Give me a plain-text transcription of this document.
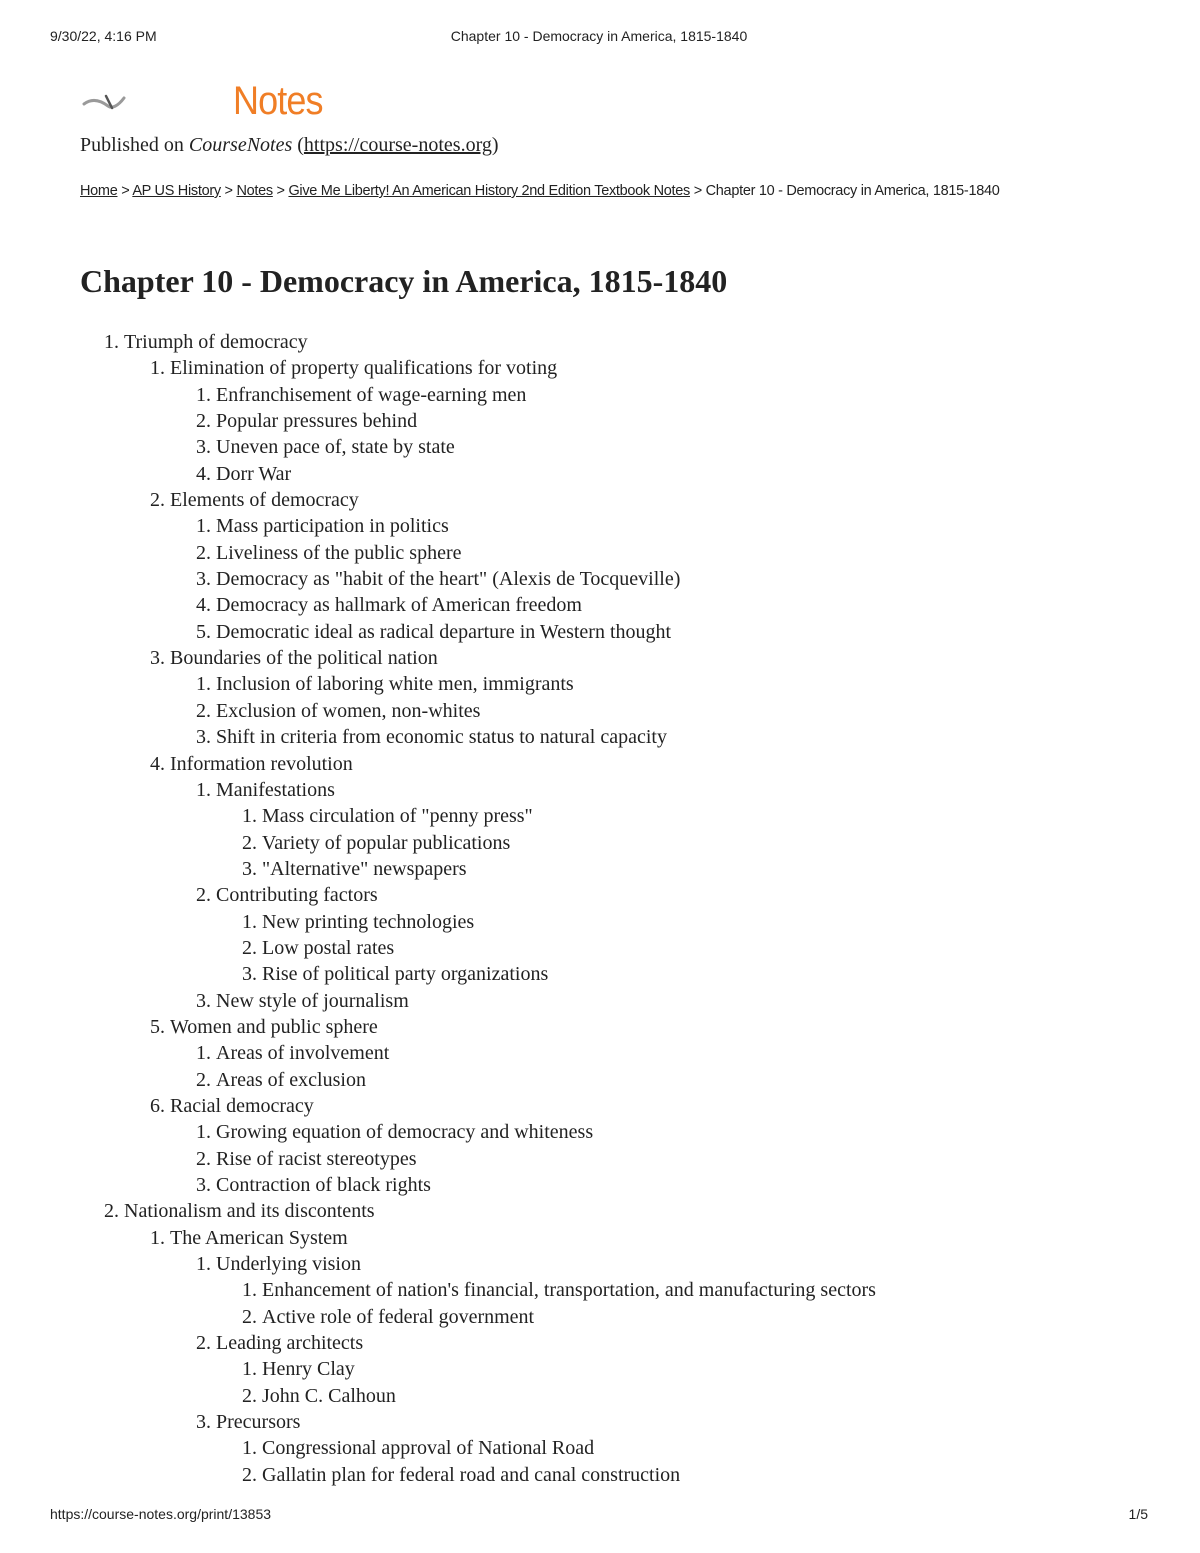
9/30/22, 4:16 PM	Chapter 10 - Democracy in America, 1815-1840
Notes
Published on CourseNotes (https://course-notes.org)
Home > AP US History > Notes > Give Me Liberty! An American History 2nd Edition Textbook Notes > Chapter 10 - Democracy in America, 1815-1840
Chapter 10 - Democracy in America, 1815-1840
1. Triumph of democracy
1. Elimination of property qualifications for voting
1. Enfranchisement of wage-earning men
2. Popular pressures behind
3. Uneven pace of, state by state
4. Dorr War
2. Elements of democracy
1. Mass participation in politics
2. Liveliness of the public sphere
3. Democracy as "habit of the heart" (Alexis de Tocqueville)
4. Democracy as hallmark of American freedom
5. Democratic ideal as radical departure in Western thought
3. Boundaries of the political nation
1. Inclusion of laboring white men, immigrants
2. Exclusion of women, non-whites
3. Shift in criteria from economic status to natural capacity
4. Information revolution
1. Manifestations
1. Mass circulation of "penny press"
2. Variety of popular publications
3. "Alternative" newspapers
2. Contributing factors
1. New printing technologies
2. Low postal rates
3. Rise of political party organizations
3. New style of journalism
5. Women and public sphere
1. Areas of involvement
2. Areas of exclusion
6. Racial democracy
1. Growing equation of democracy and whiteness
2. Rise of racist stereotypes
3. Contraction of black rights
2. Nationalism and its discontents
1. The American System
1. Underlying vision
1. Enhancement of nation's financial, transportation, and manufacturing sectors
2. Active role of federal government
2. Leading architects
1. Henry Clay
2. John C. Calhoun
3. Precursors
1. Congressional approval of National Road
2. Gallatin plan for federal road and canal construction
https://course-notes.org/print/13853	1/5
